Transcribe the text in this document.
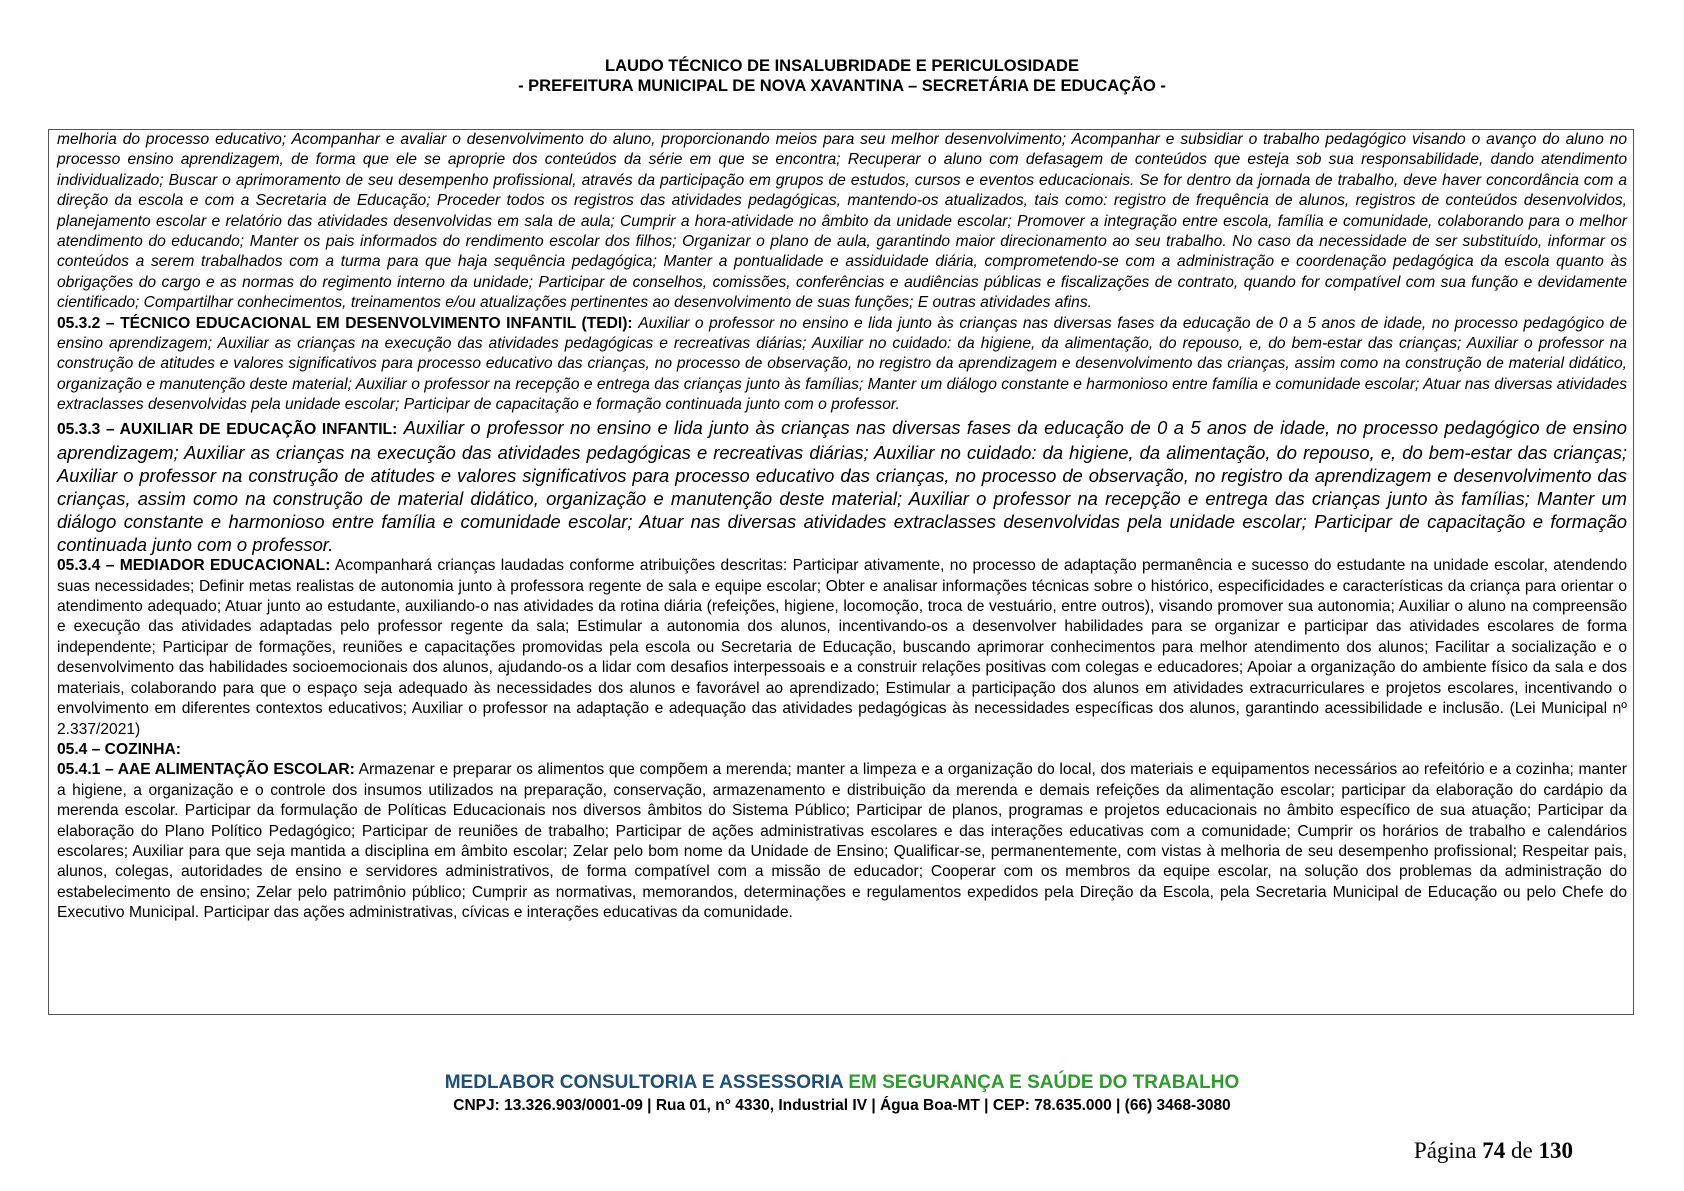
LAUDO TÉCNICO DE INSALUBRIDADE E PERICULOSIDADE
- PREFEITURA MUNICIPAL DE NOVA XAVANTINA – SECRETÁRIA DE EDUCAÇÃO -

melhoria do processo educativo; Acompanhar e avaliar o desenvolvimento do aluno, proporcionando meios para seu melhor desenvolvimento; Acompanhar e subsidiar o trabalho pedagógico visando o avanço do aluno no processo ensino aprendizagem, de forma que ele se aproprie dos conteúdos da série em que se encontra; Recuperar o aluno com defasagem de conteúdos que esteja sob sua responsabilidade, dando atendimento individualizado; Buscar o aprimoramento de seu desempenho profissional, através da participação em grupos de estudos, cursos e eventos educacionais. Se for dentro da jornada de trabalho, deve haver concordância com a direção da escola e com a Secretaria de Educação; Proceder todos os registros das atividades pedagógicas, mantendo-os atualizados, tais como: registro de frequência de alunos, registros de conteúdos desenvolvidos, planejamento escolar e relatório das atividades desenvolvidas em sala de aula; Cumprir a hora-atividade no âmbito da unidade escolar; Promover a integração entre escola, família e comunidade, colaborando para o melhor atendimento do educando; Manter os pais informados do rendimento escolar dos filhos; Organizar o plano de aula, garantindo maior direcionamento ao seu trabalho. No caso da necessidade de ser substituído, informar os conteúdos a serem trabalhados com a turma para que haja sequência pedagógica; Manter a pontualidade e assiduidade diária, comprometendo-se com a administração e coordenação pedagógica da escola quanto às obrigações do cargo e as normas do regimento interno da unidade; Participar de conselhos, comissões, conferências e audiências públicas e fiscalizações de contrato, quando for compatível com sua função e devidamente cientificado; Compartilhar conhecimentos, treinamentos e/ou atualizações pertinentes ao desenvolvimento de suas funções; E outras atividades afins.

05.3.2 – TÉCNICO EDUCACIONAL EM DESENVOLVIMENTO INFANTIL (TEDI): Auxiliar o professor no ensino e lida junto às crianças nas diversas fases da educação de 0 a 5 anos de idade, no processo pedagógico de ensino aprendizagem; Auxiliar as crianças na execução das atividades pedagógicas e recreativas diárias; Auxiliar no cuidado: da higiene, da alimentação, do repouso, e, do bem-estar das crianças; Auxiliar o professor na construção de atitudes e valores significativos para processo educativo das crianças, no processo de observação, no registro da aprendizagem e desenvolvimento das crianças, assim como na construção de material didático, organização e manutenção deste material; Auxiliar o professor na recepção e entrega das crianças junto às famílias; Manter um diálogo constante e harmonioso entre família e comunidade escolar; Atuar nas diversas atividades extraclasses desenvolvidas pela unidade escolar; Participar de capacitação e formação continuada junto com o professor.

05.3.3 – AUXILIAR DE EDUCAÇÃO INFANTIL: Auxiliar o professor no ensino e lida junto às crianças nas diversas fases da educação de 0 a 5 anos de idade, no processo pedagógico de ensino aprendizagem; Auxiliar as crianças na execução das atividades pedagógicas e recreativas diárias; Auxiliar no cuidado: da higiene, da alimentação, do repouso, e, do bem-estar das crianças; Auxiliar o professor na construção de atitudes e valores significativos para processo educativo das crianças, no processo de observação, no registro da aprendizagem e desenvolvimento das crianças, assim como na construção de material didático, organização e manutenção deste material; Auxiliar o professor na recepção e entrega das crianças junto às famílias; Manter um diálogo constante e harmonioso entre família e comunidade escolar; Atuar nas diversas atividades extraclasses desenvolvidas pela unidade escolar; Participar de capacitação e formação continuada junto com o professor.

05.3.4 – MEDIADOR EDUCACIONAL: Acompanhará crianças laudadas conforme atribuições descritas: Participar ativamente, no processo de adaptação permanência e sucesso do estudante na unidade escolar, atendendo suas necessidades; Definir metas realistas de autonomia junto à professora regente de sala e equipe escolar; Obter e analisar informações técnicas sobre o histórico, especificidades e características da criança para orientar o atendimento adequado; Atuar junto ao estudante, auxiliando-o nas atividades da rotina diária (refeições, higiene, locomoção, troca de vestuário, entre outros), visando promover sua autonomia; Auxiliar o aluno na compreensão e execução das atividades adaptadas pelo professor regente da sala; Estimular a autonomia dos alunos, incentivando-os a desenvolver habilidades para se organizar e participar das atividades escolares de forma independente; Participar de formações, reuniões e capacitações promovidas pela escola ou Secretaria de Educação, buscando aprimorar conhecimentos para melhor atendimento dos alunos; Facilitar a socialização e o desenvolvimento das habilidades socioemocionais dos alunos, ajudando-os a lidar com desafios interpessoais e a construir relações positivas com colegas e educadores; Apoiar a organização do ambiente físico da sala e dos materiais, colaborando para que o espaço seja adequado às necessidades dos alunos e favorável ao aprendizado; Estimular a participação dos alunos em atividades extracurriculares e projetos escolares, incentivando o envolvimento em diferentes contextos educativos; Auxiliar o professor na adaptação e adequação das atividades pedagógicas às necessidades específicas dos alunos, garantindo acessibilidade e inclusão. (Lei Municipal nº 2.337/2021)

05.4 – COZINHA:

05.4.1 – AAE ALIMENTAÇÃO ESCOLAR: Armazenar e preparar os alimentos que compõem a merenda; manter a limpeza e a organização do local, dos materiais e equipamentos necessários ao refeitório e a cozinha; manter a higiene, a organização e o controle dos insumos utilizados na preparação, conservação, armazenamento e distribuição da merenda e demais refeições da alimentação escolar; participar da elaboração do cardápio da merenda escolar. Participar da formulação de Políticas Educacionais nos diversos âmbitos do Sistema Público; Participar de planos, programas e projetos educacionais no âmbito específico de sua atuação; Participar da elaboração do Plano Político Pedagógico; Participar de reuniões de trabalho; Participar de ações administrativas escolares e das interações educativas com a comunidade; Cumprir os horários de trabalho e calendários escolares; Auxiliar para que seja mantida a disciplina em âmbito escolar; Zelar pelo bom nome da Unidade de Ensino; Qualificar-se, permanentemente, com vistas à melhoria de seu desempenho profissional; Respeitar pais, alunos, colegas, autoridades de ensino e servidores administrativos, de forma compatível com a missão de educador; Cooperar com os membros da equipe escolar, na solução dos problemas da administração do estabelecimento de ensino; Zelar pelo patrimônio público; Cumprir as normativas, memorandos, determinações e regulamentos expedidos pela Direção da Escola, pela Secretaria Municipal de Educação ou pelo Chefe do Executivo Municipal. Participar das ações administrativas, cívicas e interações educativas da comunidade.

MEDLABOR CONSULTORIA E ASSESSORIA EM SEGURANÇA E SAÚDE DO TRABALHO
CNPJ: 13.326.903/0001-09 | Rua 01, n° 4330, Industrial IV | Água Boa-MT | CEP: 78.635.000 | (66) 3468-3080
Página 74 de 130
